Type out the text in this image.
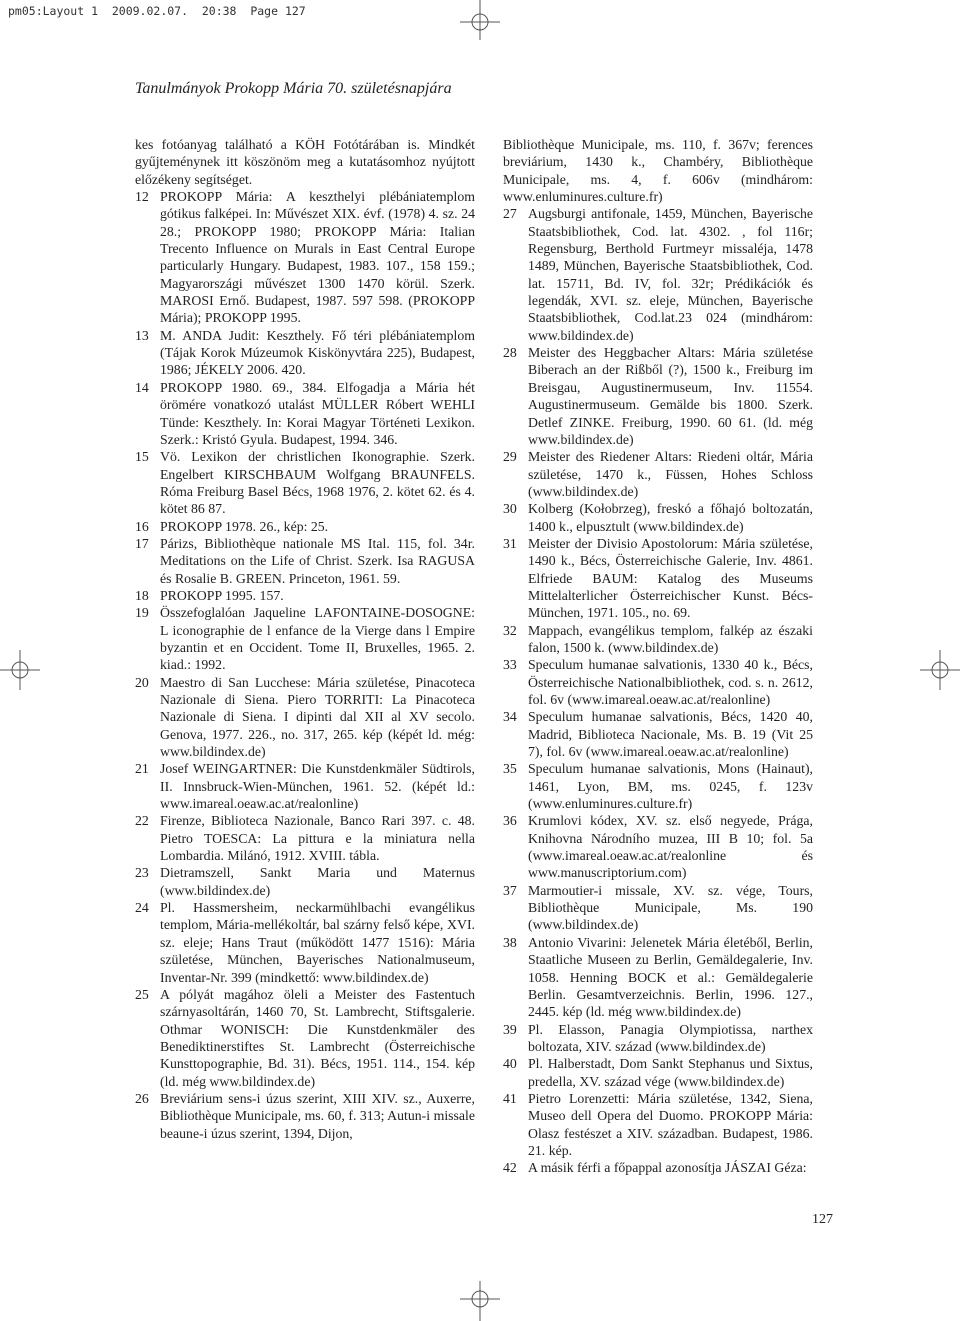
pm05:Layout 1  2009.02.07.  20:38  Page 127
Tanulmányok Prokopp Mária 70. születésnapjára
kes fotóanyag található a KÖH Fotótárában is. Mindkét gyűjteménynek itt köszönöm meg a kutatásomhoz nyújtott előzékeny segítséget.
12 PROKOPP Mária: A keszthelyi plébániatemplom gótikus falképei. In: Művészet XIX. évf. (1978) 4. sz. 24 28.; PROKOPP 1980; PROKOPP Mária: Italian Trecento Influence on Murals in East Central Europe particularly Hungary. Budapest, 1983. 107., 158 159.; Magyarországi művészet 1300 1470 körül. Szerk. MAROSI Ernő. Budapest, 1987. 597 598. (PROKOPP Mária); PROKOPP 1995.
13 M. ANDA Judit: Keszthely. Fő téri plébániatemplom (Tájak Korok Múzeumok Kiskönyvtára 225), Budapest, 1986; JÉKELY 2006. 420.
14 PROKOPP 1980. 69., 384. Elfogadja a Mária hét örömére vonatkozó utalást MÜLLER Róbert WEHLI Tünde: Keszthely. In: Korai Magyar Történeti Lexikon. Szerk.: Kristó Gyula. Budapest, 1994. 346.
15 Vö. Lexikon der christlichen Ikonographie. Szerk. Engelbert KIRSCHBAUM Wolfgang BRAUNFELS. Róma Freiburg Basel Bécs, 1968 1976, 2. kötet 62. és 4. kötet 86 87.
16 PROKOPP 1978. 26., kép: 25.
17 Párizs, Bibliothèque nationale MS Ital. 115, fol. 34r. Meditations on the Life of Christ. Szerk. Isa RAGUSA és Rosalie B. GREEN. Princeton, 1961. 59.
18 PROKOPP 1995. 157.
19 Összefoglalóan Jaqueline LAFONTAINE-DOSOGNE: L iconographie de l enfance de la Vierge dans l Empire byzantin et en Occident. Tome II, Bruxelles, 1965. 2. kiad.: 1992.
20 Maestro di San Lucchese: Mária születése, Pinacoteca Nazionale di Siena. Piero TORRITI: La Pinacoteca Nazionale di Siena. I dipinti dal XII al XV secolo. Genova, 1977. 226., no. 317, 265. kép (képét ld. még: www.bildindex.de)
21 Josef WEINGARTNER: Die Kunstdenkmäler Südtirols, II. Innsbruck-Wien-München, 1961. 52. (képét ld.: www.imareal.oeaw.ac.at/realonline)
22 Firenze, Biblioteca Nazionale, Banco Rari 397. c. 48. Pietro TOESCA: La pittura e la miniatura nella Lombardia. Milánó, 1912. XVIII. tábla.
23 Dietramszell, Sankt Maria und Maternus (www.bildindex.de)
24 Pl. Hassmersheim, neckarmühlbachi evangélikus templom, Mária-mellékoltár, bal szárny felső képe, XVI. sz. eleje; Hans Traut (működött 1477 1516): Mária születése, München, Bayerisches Nationalmuseum, Inventar-Nr. 399 (mindkettő: www.bildindex.de)
25 A pólyát magához öleli a Meister des Fastentuch szárnyasoltárán, 1460 70, St. Lambrecht, Stiftsgalerie. Othmar WONISCH: Die Kunstdenkmäler des Benediktinerstiftes St. Lambrecht (Österreichische Kunsttopographie, Bd. 31). Bécs, 1951. 114., 154. kép (ld. még www.bildindex.de)
26 Breviárium sens-i úzus szerint, XIII XIV. sz., Auxerre, Bibliothèque Municipale, ms. 60, f. 313; Autun-i missale beaune-i úzus szerint, 1394, Dijon,
Bibliothèque Municipale, ms. 110, f. 367v; ferences breviárium, 1430 k., Chambéry, Bibliothèque Municipale, ms. 4, f. 606v (mindhárom: www.enluminures.culture.fr)
27 Augsburgi antifonale, 1459, München, Bayerische Staatsbibliothek, Cod. lat. 4302. , fol 116r; Regensburg, Berthold Furtmeyr missaléja, 1478 1489, München, Bayerische Staatsbibliothek, Cod. lat. 15711, Bd. IV, fol. 32r; Prédikációk és legendák, XVI. sz. eleje, München, Bayerische Staatsbibliothek, Cod.lat.23 024 (mindhárom: www.bildindex.de)
28 Meister des Heggbacher Altars: Mária születése Biberach an der Rißből (?), 1500 k., Freiburg im Breisgau, Augustinermuseum, Inv. 11554. Augustinermuseum. Gemälde bis 1800. Szerk. Detlef ZINKE. Freiburg, 1990. 60 61. (ld. még www.bildindex.de)
29 Meister des Riedener Altars: Riedeni oltár, Mária születése, 1470 k., Füssen, Hohes Schloss (www.bildindex.de)
30 Kolberg (Kołobrzeg), freskó a főhajó boltozatán, 1400 k., elpusztult (www.bildindex.de)
31 Meister der Divisio Apostolorum: Mária születése, 1490 k., Bécs, Österreichische Galerie, Inv. 4861. Elfriede BAUM: Katalog des Museums Mittelalterlicher Österreichischer Kunst. Bécs-München, 1971. 105., no. 69.
32 Mappach, evangélikus templom, falkép az északi falon, 1500 k. (www.bildindex.de)
33 Speculum humanae salvationis, 1330 40 k., Bécs, Österreichische Nationalbibliothek, cod. s. n. 2612, fol. 6v (www.imareal.oeaw.ac.at/realonline)
34 Speculum humanae salvationis, Bécs, 1420 40, Madrid, Biblioteca Nacionale, Ms. B. 19 (Vit 25 7), fol. 6v (www.imareal.oeaw.ac.at/realonline)
35 Speculum humanae salvationis, Mons (Hainaut), 1461, Lyon, BM, ms. 0245, f. 123v (www.enluminures.culture.fr)
36 Krumlovi kódex, XV. sz. első negyede, Prága, Knihovna Národního muzea, III B 10; fol. 5a (www.imareal.oeaw.ac.at/realonline és www.manuscriptorium.com)
37 Marmoutier-i missale, XV. sz. vége, Tours, Bibliothèque Municipale, Ms. 190 (www.bildindex.de)
38 Antonio Vivarini: Jelenetek Mária életéből, Berlin, Staatliche Museen zu Berlin, Gemäldegalerie, Inv. 1058. Henning BOCK et al.: Gemäldegalerie Berlin. Gesamtverzeichnis. Berlin, 1996. 127., 2445. kép (ld. még www.bildindex.de)
39 Pl. Elasson, Panagia Olympiotissa, narthex boltozata, XIV. század (www.bildindex.de)
40 Pl. Halberstadt, Dom Sankt Stephanus und Sixtus, predella, XV. század vége (www.bildindex.de)
41 Pietro Lorenzetti: Mária születése, 1342, Siena, Museo dell Opera del Duomo. PROKOPP Mária: Olasz festészet a XIV. században. Budapest, 1986. 21. kép.
42 A másik férfi a főpappal azonosítja JÁSZAI Géza:
127
